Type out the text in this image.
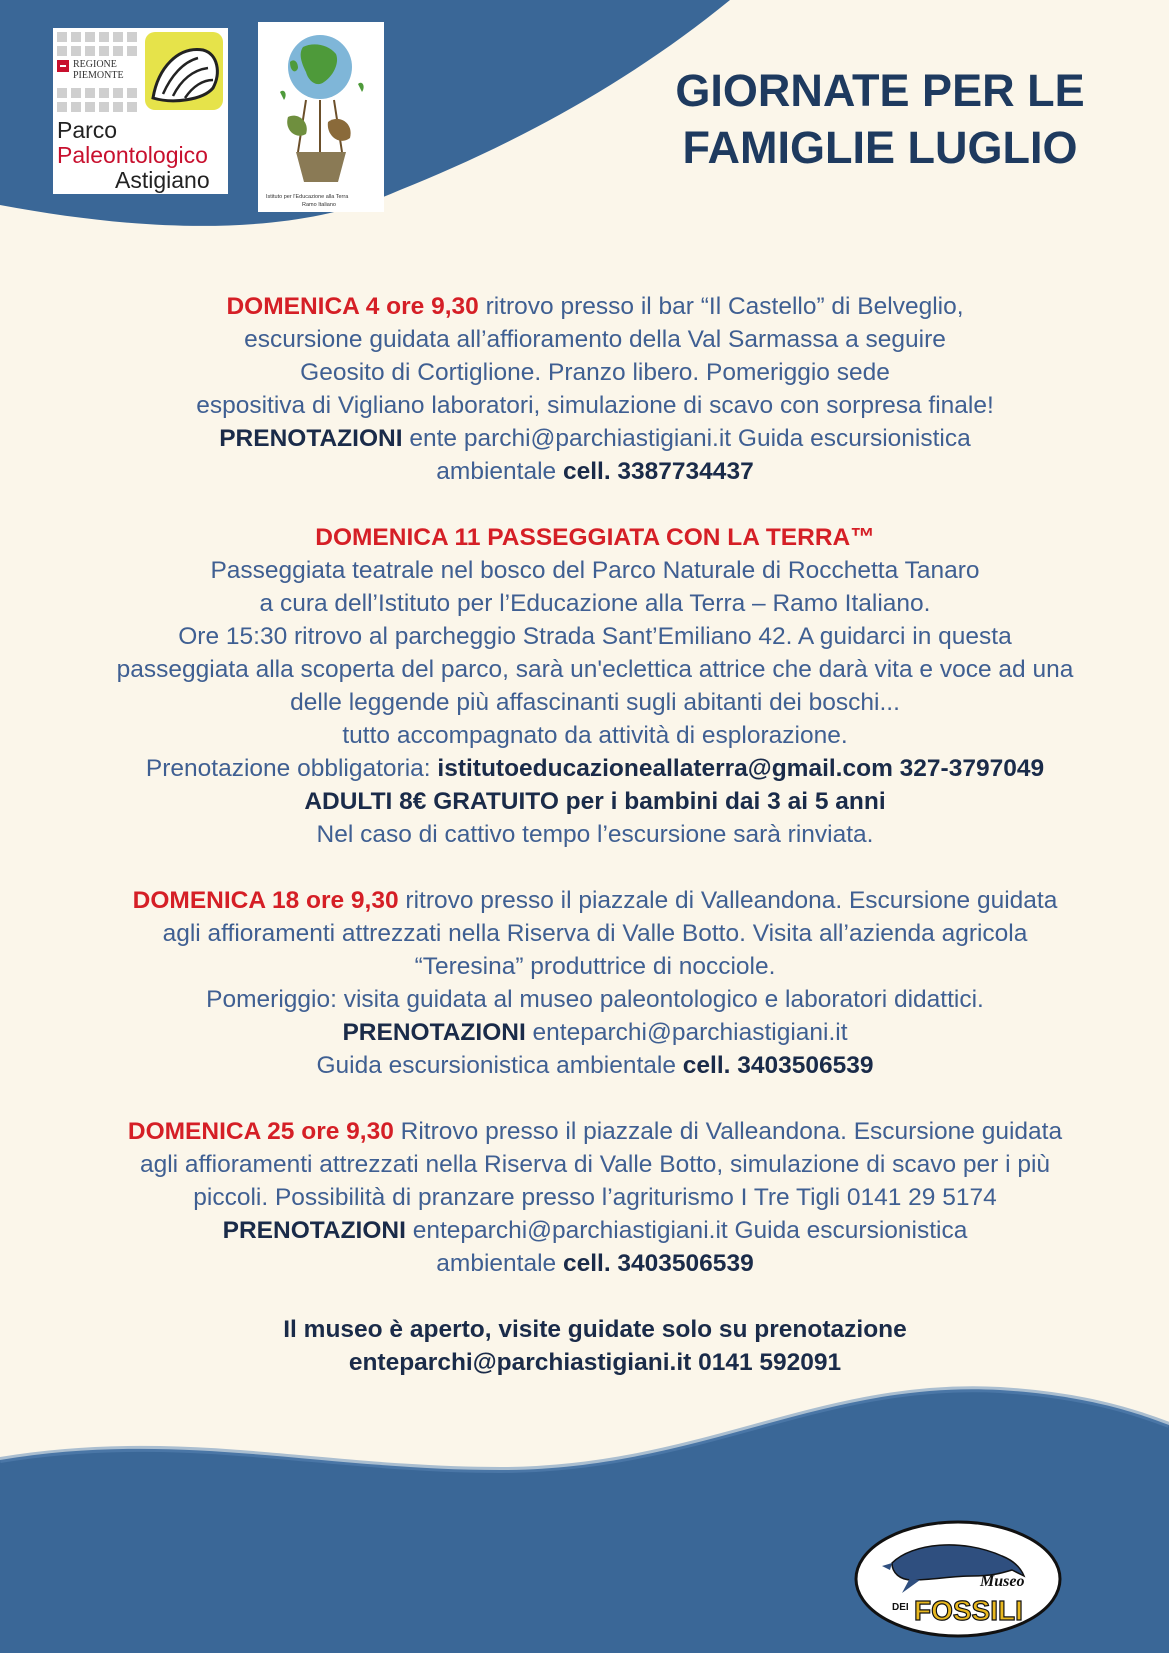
REGIONE
PIEMONTE
Parco
Paleontologico
Astigiano
Istituto per l'Educazione alla Terra
Ramo Italiano
GIORNATE PER LE
FAMIGLIE LUGLIO
DOMENICA 4 ore 9,30 ritrovo presso il bar “Il Castello” di Belveglio,
escursione guidata all’affioramento della Val Sarmassa a seguire
Geosito di Cortiglione. Pranzo libero. Pomeriggio sede
espositiva di Vigliano laboratori, simulazione di scavo con sorpresa finale!
PRENOTAZIONI ente parchi@parchiastigiani.it Guida escursionistica
ambientale cell. 3387734437
DOMENICA 11 PASSEGGIATA CON LA TERRA™
Passeggiata teatrale nel bosco del Parco Naturale di Rocchetta Tanaro
a cura dell’Istituto per l’Educazione alla Terra – Ramo Italiano.
Ore 15:30 ritrovo al parcheggio Strada Sant’Emiliano 42. A guidarci in questa
passeggiata alla scoperta del parco, sarà un'eclettica attrice che darà vita e voce ad una
delle leggende più affascinanti sugli abitanti dei boschi...
tutto accompagnato da attività di esplorazione.
Prenotazione obbligatoria: istitutoeducazioneallaterra@gmail.com 327-3797049
ADULTI 8€ GRATUITO per i bambini dai 3 ai 5 anni
Nel caso di cattivo tempo l’escursione sarà rinviata.
DOMENICA 18 ore 9,30 ritrovo presso il piazzale di Valleandona. Escursione guidata
agli affioramenti attrezzati nella Riserva di Valle Botto. Visita all’azienda agricola
“Teresina” produttrice di nocciole.
Pomeriggio: visita guidata al museo paleontologico e laboratori didattici.
PRENOTAZIONI enteparchi@parchiastigiani.it
Guida escursionistica ambientale cell. 3403506539
DOMENICA 25 ore 9,30 Ritrovo presso il piazzale di Valleandona. Escursione guidata
agli affioramenti attrezzati nella Riserva di Valle Botto, simulazione di scavo per i più
piccoli. Possibilità di pranzare presso l’agriturismo I Tre Tigli 0141 29 5174
PRENOTAZIONI enteparchi@parchiastigiani.it Guida escursionistica
ambientale cell. 3403506539
Il museo è aperto, visite guidate solo su prenotazione
enteparchi@parchiastigiani.it 0141 592091
Museo
DEI FOSSILI
